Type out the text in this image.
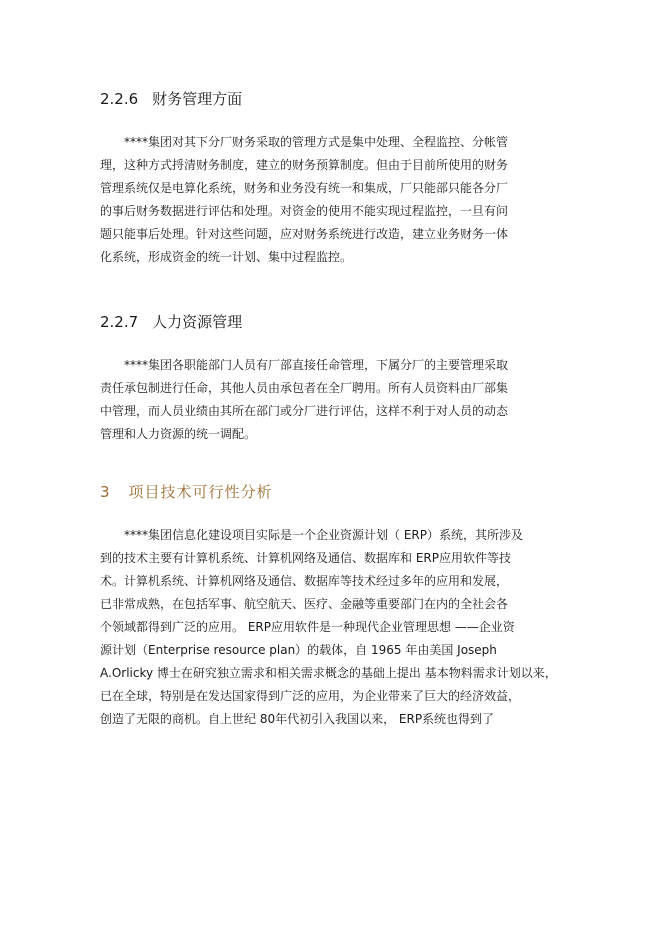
2.2.6 财务管理方面
****集团对其下分厂财务采取的管理方式是集中处理、全程监控、分帐管
理，这种方式捋清财务制度，建立的财务预算制度。但由于目前所使用的财务
管理系统仅是电算化系统，财务和业务没有统一和集成，厂只能部只能各分厂
的事后财务数据进行评估和处理。对资金的使用不能实现过程监控，一旦有问
题只能事后处理。针对这些问题，应对财务系统进行改造，建立业务财务一体
化系统，形成资金的统一计划、集中过程监控。
2.2.7 人力资源管理
****集团各职能部门人员有厂部直接任命管理，下属分厂的主要管理采取
责任承包制进行任命，其他人员由承包者在全厂聘用。所有人员资料由厂部集
中管理，而人员业绩由其所在部门或分厂进行评估，这样不利于对人员的动态
管理和人力资源的统一调配。
3 项目技术可行性分析
****集团信息化建设项目实际是一个企业资源计划（ ERP）系统，其所涉及
到的技术主要有计算机系统、计算机网络及通信、数据库和 ERP应用软件等技
术。计算机系统、计算机网络及通信、数据库等技术经过多年的应用和发展，
已非常成熟，在包括军事、航空航天、医疗、金融等重要部门在内的全社会各
个领域都得到广泛的应用。 ERP应用软件是一种现代企业管理思想 ——企业资
源计划（Enterprise resource plan）的载体，自 1965 年由美国 Joseph
A.Orlicky 博士在研究独立需求和相关需求概念的基础上提出 基本物料需求计划以来，
已在全球，特别是在发达国家得到广泛的应用，为企业带来了巨大的经济效益，
创造了无限的商机。自上世纪 80年代初引入我国以来， ERP系统也得到了
